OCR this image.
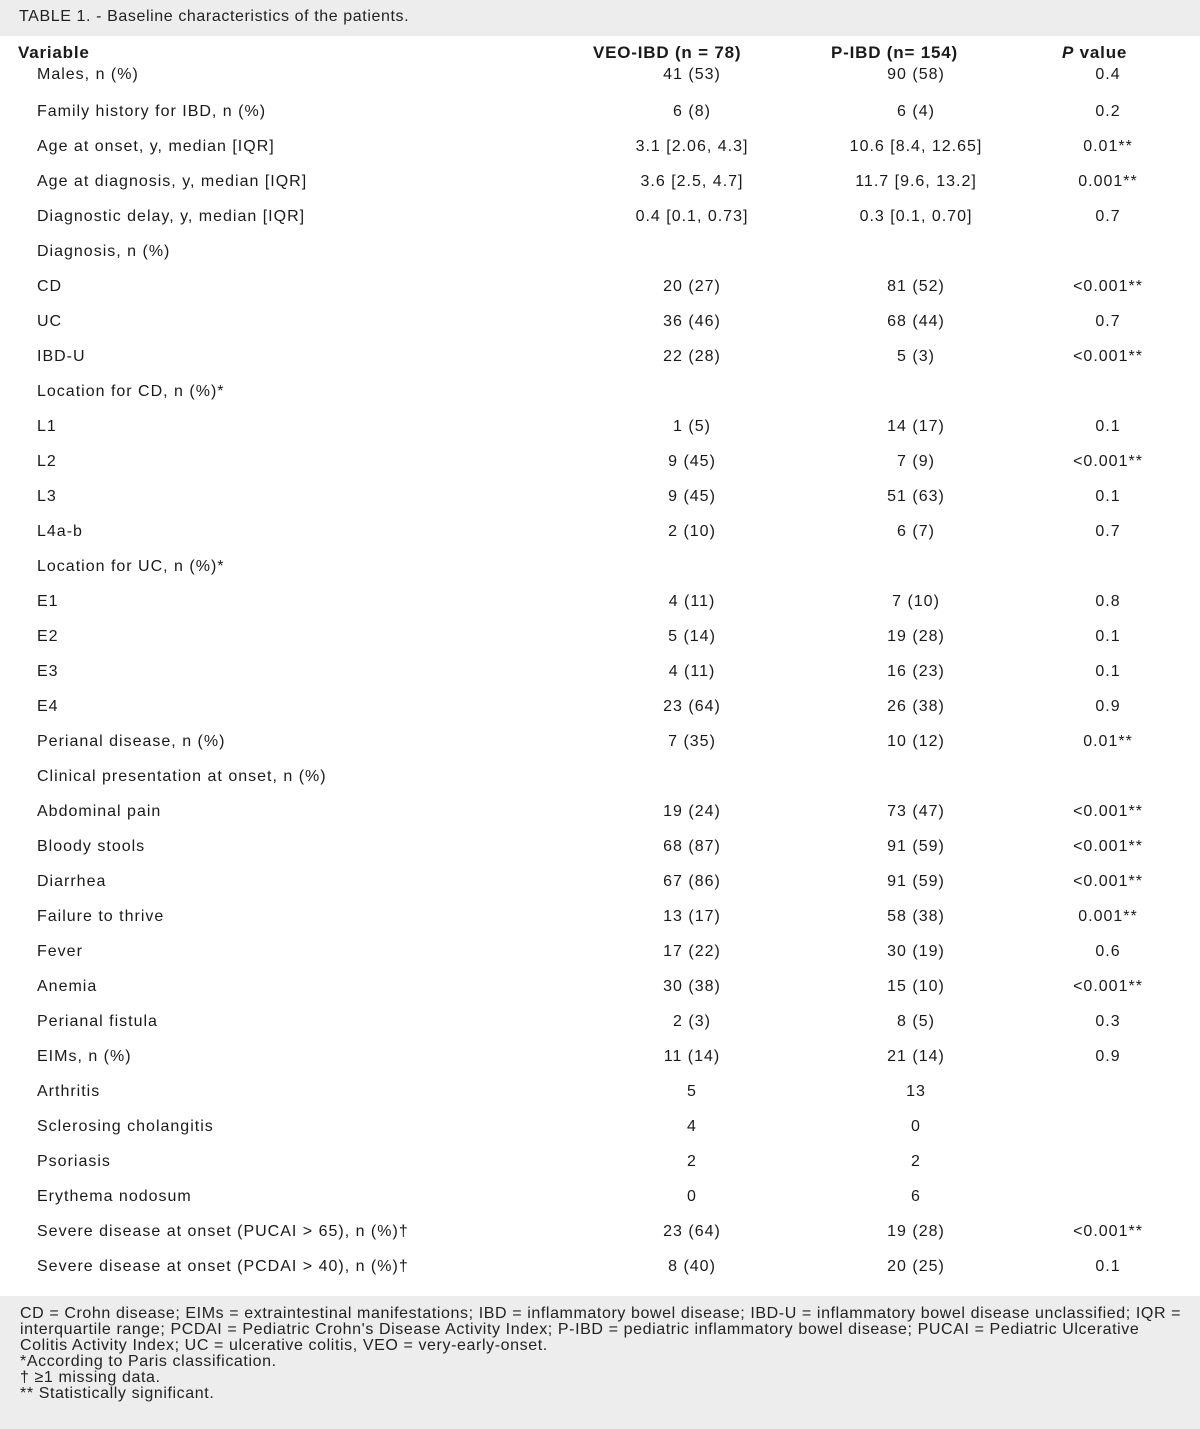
TABLE 1. - Baseline characteristics of the patients.
Variable	VEO-IBD (n = 78)	P-IBD (n= 154)	P value
Males, n (%)	41 (53)	90 (58)	0.4
Family history for IBD, n (%)	6 (8)	6 (4)	0.2
Age at onset, y, median [IQR]	3.1 [2.06, 4.3]	10.6 [8.4, 12.65]	0.01**
Age at diagnosis, y, median [IQR]	3.6 [2.5, 4.7]	11.7 [9.6, 13.2]	0.001**
Diagnostic delay, y, median [IQR]	0.4 [0.1, 0.73]	0.3 [0.1, 0.70]	0.7
Diagnosis, n (%)
CD	20 (27)	81 (52)	<0.001**
UC	36 (46)	68 (44)	0.7
IBD-U	22 (28)	5 (3)	<0.001**
Location for CD, n (%)*
L1	1 (5)	14 (17)	0.1
L2	9 (45)	7 (9)	<0.001**
L3	9 (45)	51 (63)	0.1
L4a-b	2 (10)	6 (7)	0.7
Location for UC, n (%)*
E1	4 (11)	7 (10)	0.8
E2	5 (14)	19 (28)	0.1
E3	4 (11)	16 (23)	0.1
E4	23 (64)	26 (38)	0.9
Perianal disease, n (%)	7 (35)	10 (12)	0.01**
Clinical presentation at onset, n (%)
Abdominal pain	19 (24)	73 (47)	<0.001**
Bloody stools	68 (87)	91 (59)	<0.001**
Diarrhea	67 (86)	91 (59)	<0.001**
Failure to thrive	13 (17)	58 (38)	0.001**
Fever	17 (22)	30 (19)	0.6
Anemia	30 (38)	15 (10)	<0.001**
Perianal fistula	2 (3)	8 (5)	0.3
EIMs, n (%)	11 (14)	21 (14)	0.9
Arthritis	5	13
Sclerosing cholangitis	4	0
Psoriasis	2	2
Erythema nodosum	0	6
Severe disease at onset (PUCAI > 65), n (%)†	23 (64)	19 (28)	<0.001**
Severe disease at onset (PCDAI > 40), n (%)†	8 (40)	20 (25)	0.1
CD = Crohn disease; EIMs = extraintestinal manifestations; IBD = inflammatory bowel disease; IBD-U = inflammatory bowel disease unclassified; IQR = interquartile range; PCDAI = Pediatric Crohn's Disease Activity Index; P-IBD = pediatric inflammatory bowel disease; PUCAI = Pediatric Ulcerative Colitis Activity Index; UC = ulcerative colitis, VEO = very-early-onset.
*According to Paris classification.
† ≥1 missing data.
** Statistically significant.
